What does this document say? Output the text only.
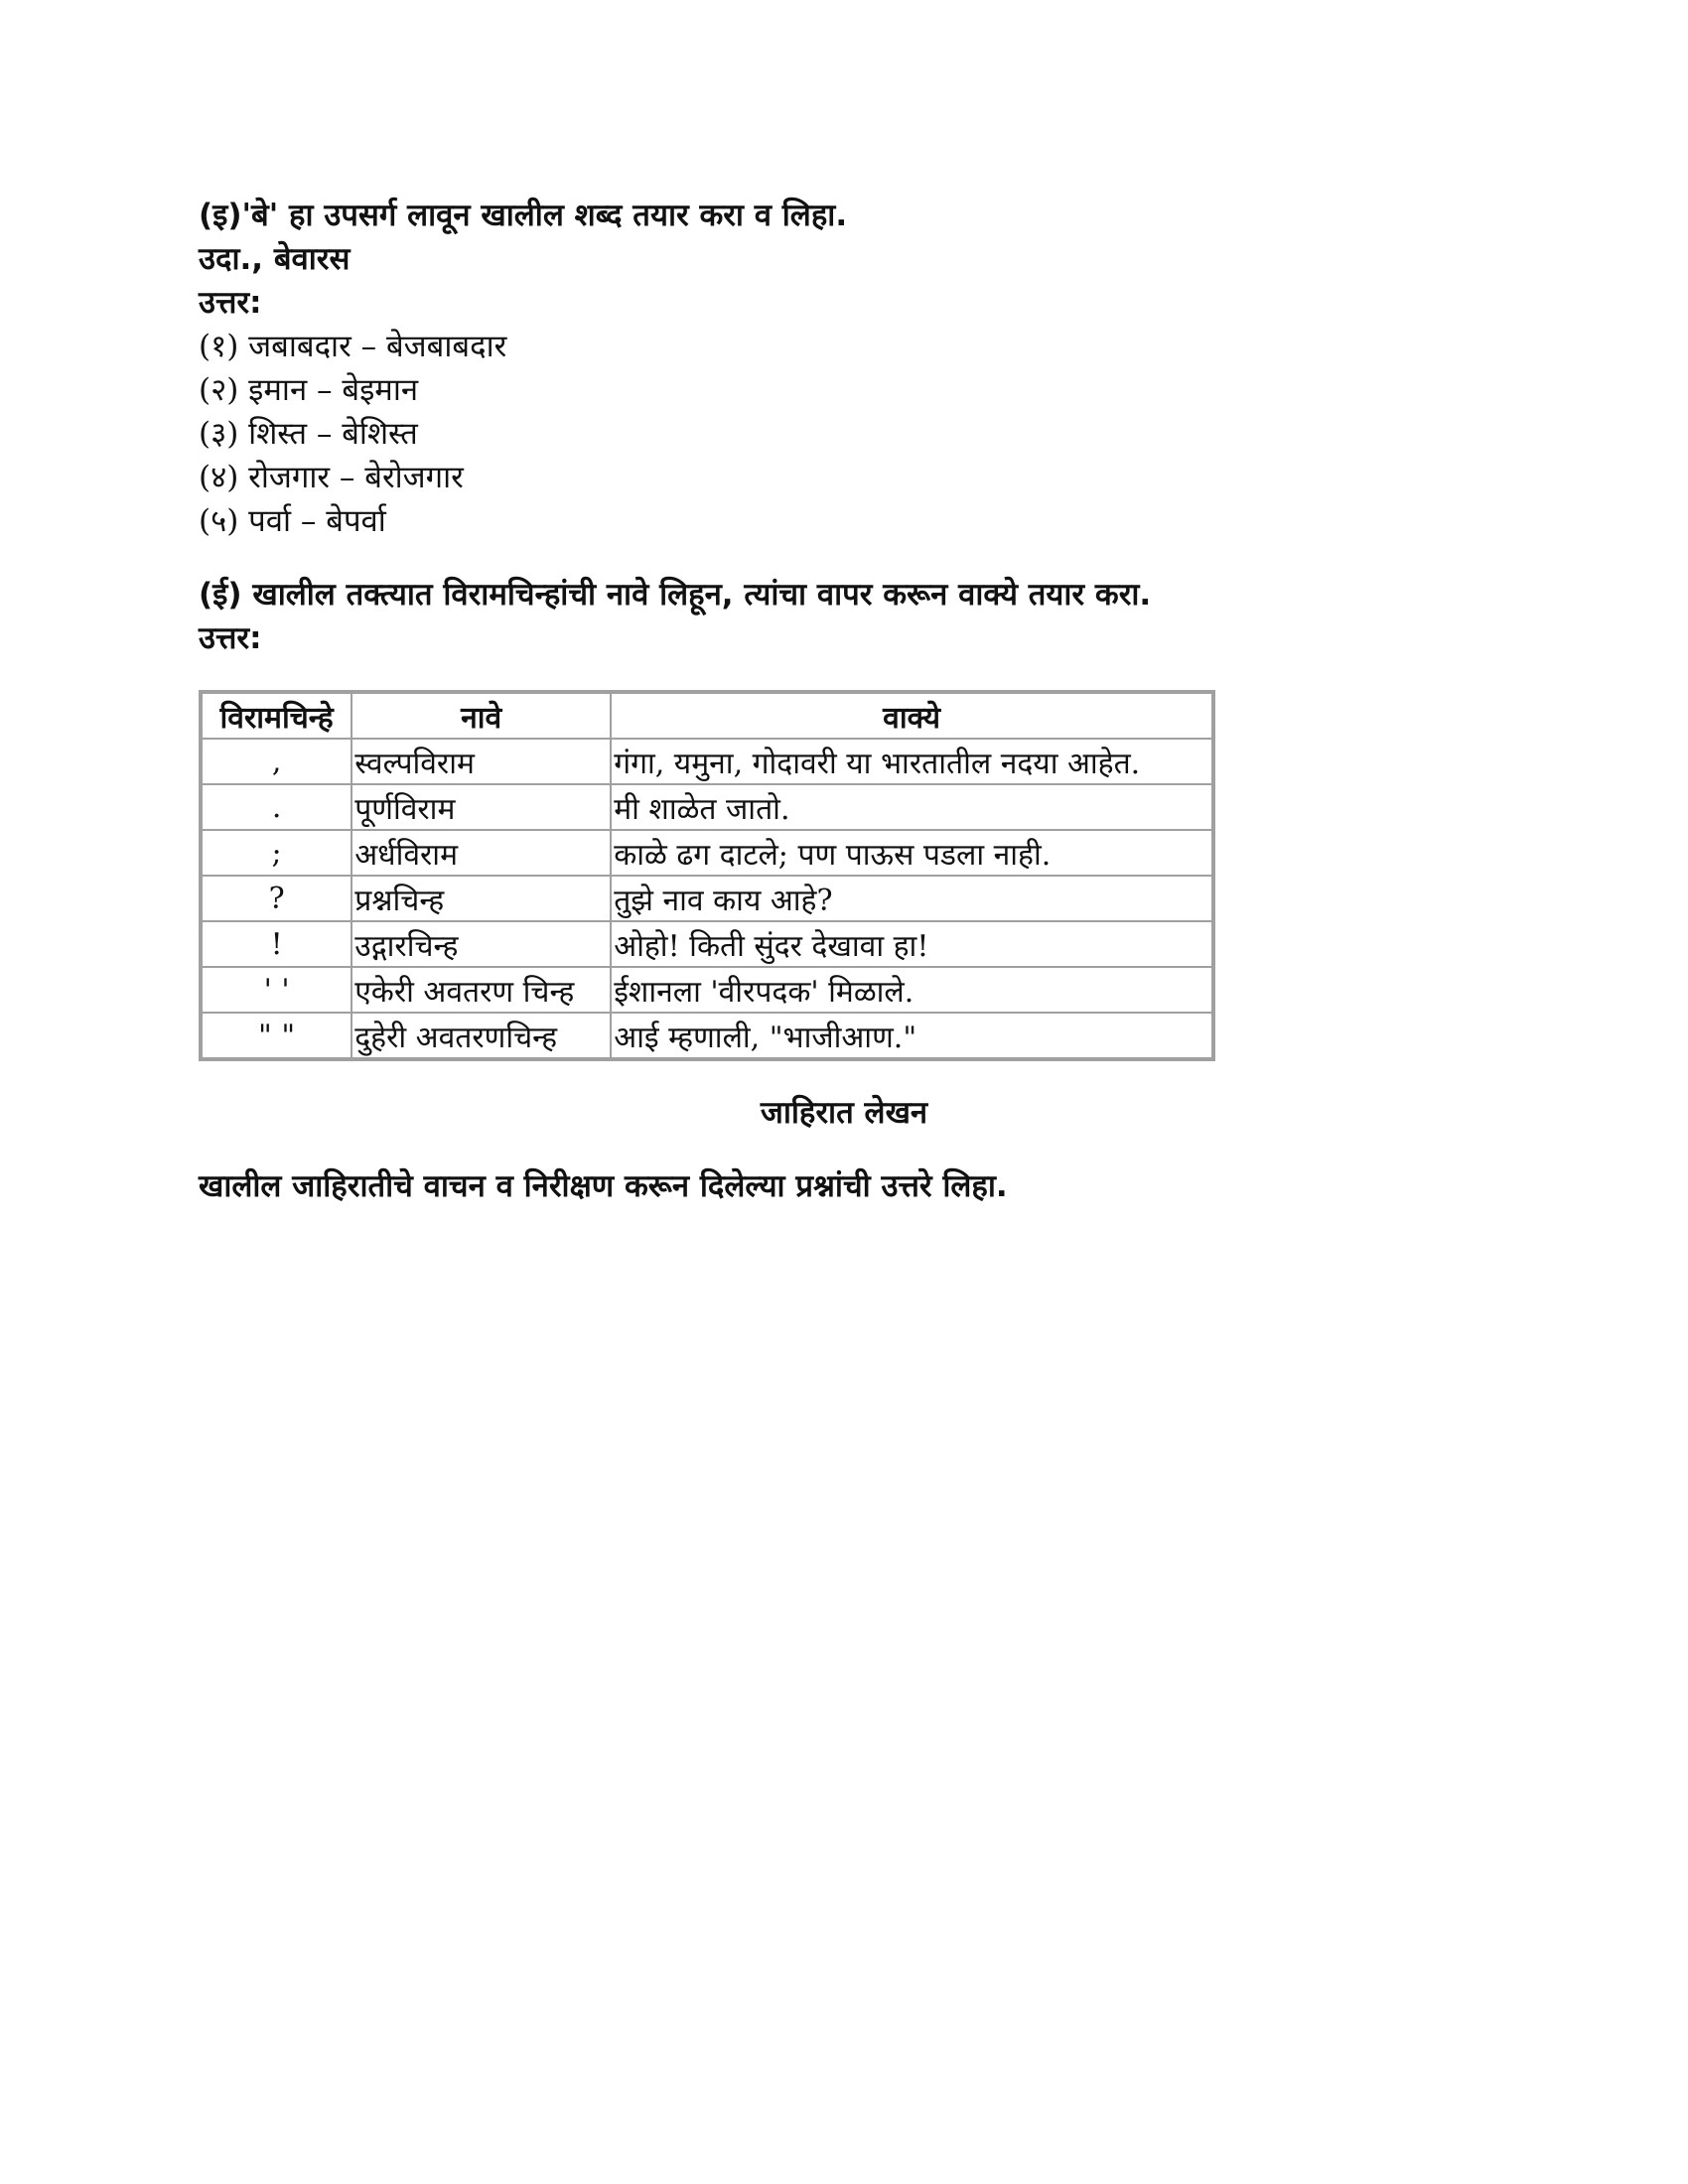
(इ)'बे' हा उपसर्ग लावून खालील शब्द तयार करा व लिहा.

उदा., बेवारस

उत्तर:

(१) जबाबदार – बेजबाबदार
(२) इमान – बेइमान
(३) शिस्त – बेशिस्त
(४) रोजगार – बेरोजगार
(५) पर्वा – बेपर्वा

(ई) खालील तक्त्यात विरामचिन्हांची नावे लिहून, त्यांचा वापर करून वाक्ये तयार करा.

उत्तर:

विरामचिन्हे	नावे	वाक्ये
,	स्वल्पविराम	गंगा, यमुना, गोदावरी या भारतातील नदया आहेत.
.	पूर्णविराम	मी शाळेत जातो.
;	अर्धविराम	काळे ढग दाटले; पण पाऊस पडला नाही.
?	प्रश्नचिन्ह	तुझे नाव काय आहे?
!	उद्गारचिन्ह	ओहो! किती सुंदर देखावा हा!
' '	एकेरी अवतरण चिन्ह	ईशानला 'वीरपदक' मिळाले.
" "	दुहेरी अवतरणचिन्ह	आई म्हणाली, "भाजीआण."

जाहिरात लेखन

खालील जाहिरातीचे वाचन व निरीक्षण करून दिलेल्या प्रश्नांची उत्तरे लिहा.
